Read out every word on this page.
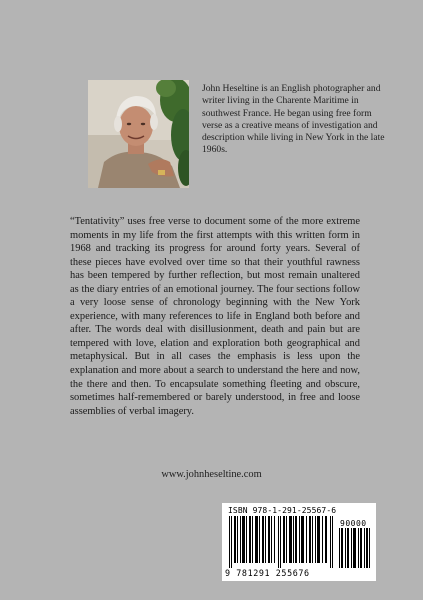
John Heseltine is an English photographer and writer living in the Charente Maritime in southwest France. He began using free form verse as a creative means of investigation and description while living in New York in the late 1960s.

“Tentativity” uses free verse to document some of the more extreme moments in my life from the first attempts with this written form in 1968 and tracking its progress for around forty years. Several of these pieces have evolved over time so that their youthful rawness has been tempered by further reflection, but most remain unaltered as the diary entries of an emotional journey. The four sections follow a very loose sense of chronology beginning with the New York experience, with many references to life in England both before and after. The words deal with disillusionment, death and pain but are tempered with love, elation and exploration both geographical and metaphysical. But in all cases the emphasis is less upon the explanation and more about a search to understand the here and now, the there and then. To encapsulate something fleeting and obscure, sometimes half-remembered or barely understood, in free and loose assemblies of verbal imagery.

www.johnheseltine.com
ISBN 978-1-291-25567-6
90000
9 781291 255676
